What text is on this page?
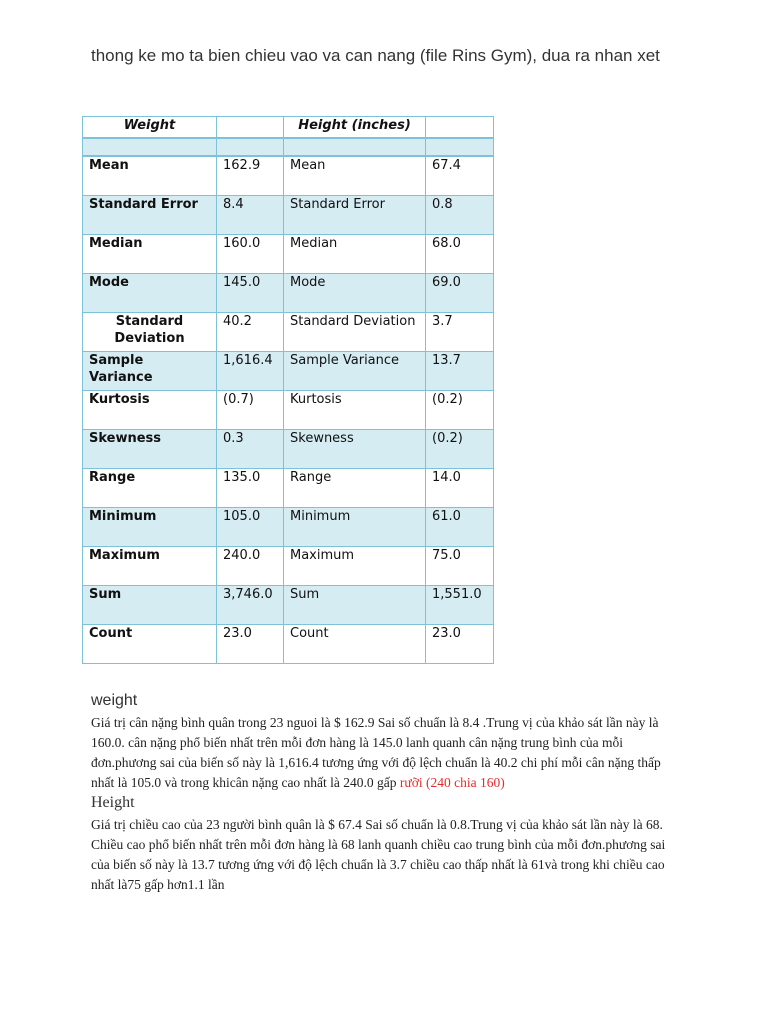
thong ke mo ta bien chieu vao va can nang (file Rins Gym), dua ra nhan xet
Weight		Height (inches)	

Mean	162.9	Mean	67.4
Standard Error	8.4	Standard Error	0.8
Median	160.0	Median	68.0
Mode	145.0	Mode	69.0
Standard Deviation	40.2	Standard Deviation	3.7
Sample Variance	1,616.4	Sample Variance	13.7
Kurtosis	(0.7)	Kurtosis	(0.2)
Skewness	0.3	Skewness	(0.2)
Range	135.0	Range	14.0
Minimum	105.0	Minimum	61.0
Maximum	240.0	Maximum	75.0
Sum	3,746.0	Sum	1,551.0
Count	23.0	Count	23.0
weight
Giá trị cân nặng bình quân trong 23 nguoi là $ 162.9 Sai số chuẩn là 8.4 .Trung vị của khảo sát lần này là 160.0. cân nặng phổ biến nhất trên mỗi đơn hàng là 145.0 lanh quanh cân nặng trung bình của mỗi đơn.phương sai của biến số này là 1,616.4 tương ứng với độ lệch chuẩn là 40.2 chi phí mỗi cân nặng thấp nhất là 105.0 và trong khicân nặng cao nhất là 240.0 gấp rưỡi (240 chia 160)
Height
Giá trị chiều cao của 23 người bình quân là $ 67.4 Sai số chuẩn là 0.8.Trung vị của khảo sát lần này là 68. Chiều cao phổ biến nhất trên mỗi đơn hàng là 68 lanh quanh chiều cao trung bình của mỗi đơn.phương sai của biến số này là 13.7 tương ứng với độ lệch chuẩn là 3.7 chiều cao thấp nhất là 61và trong khi chiều cao nhất là75 gấp hơn1.1 lần
